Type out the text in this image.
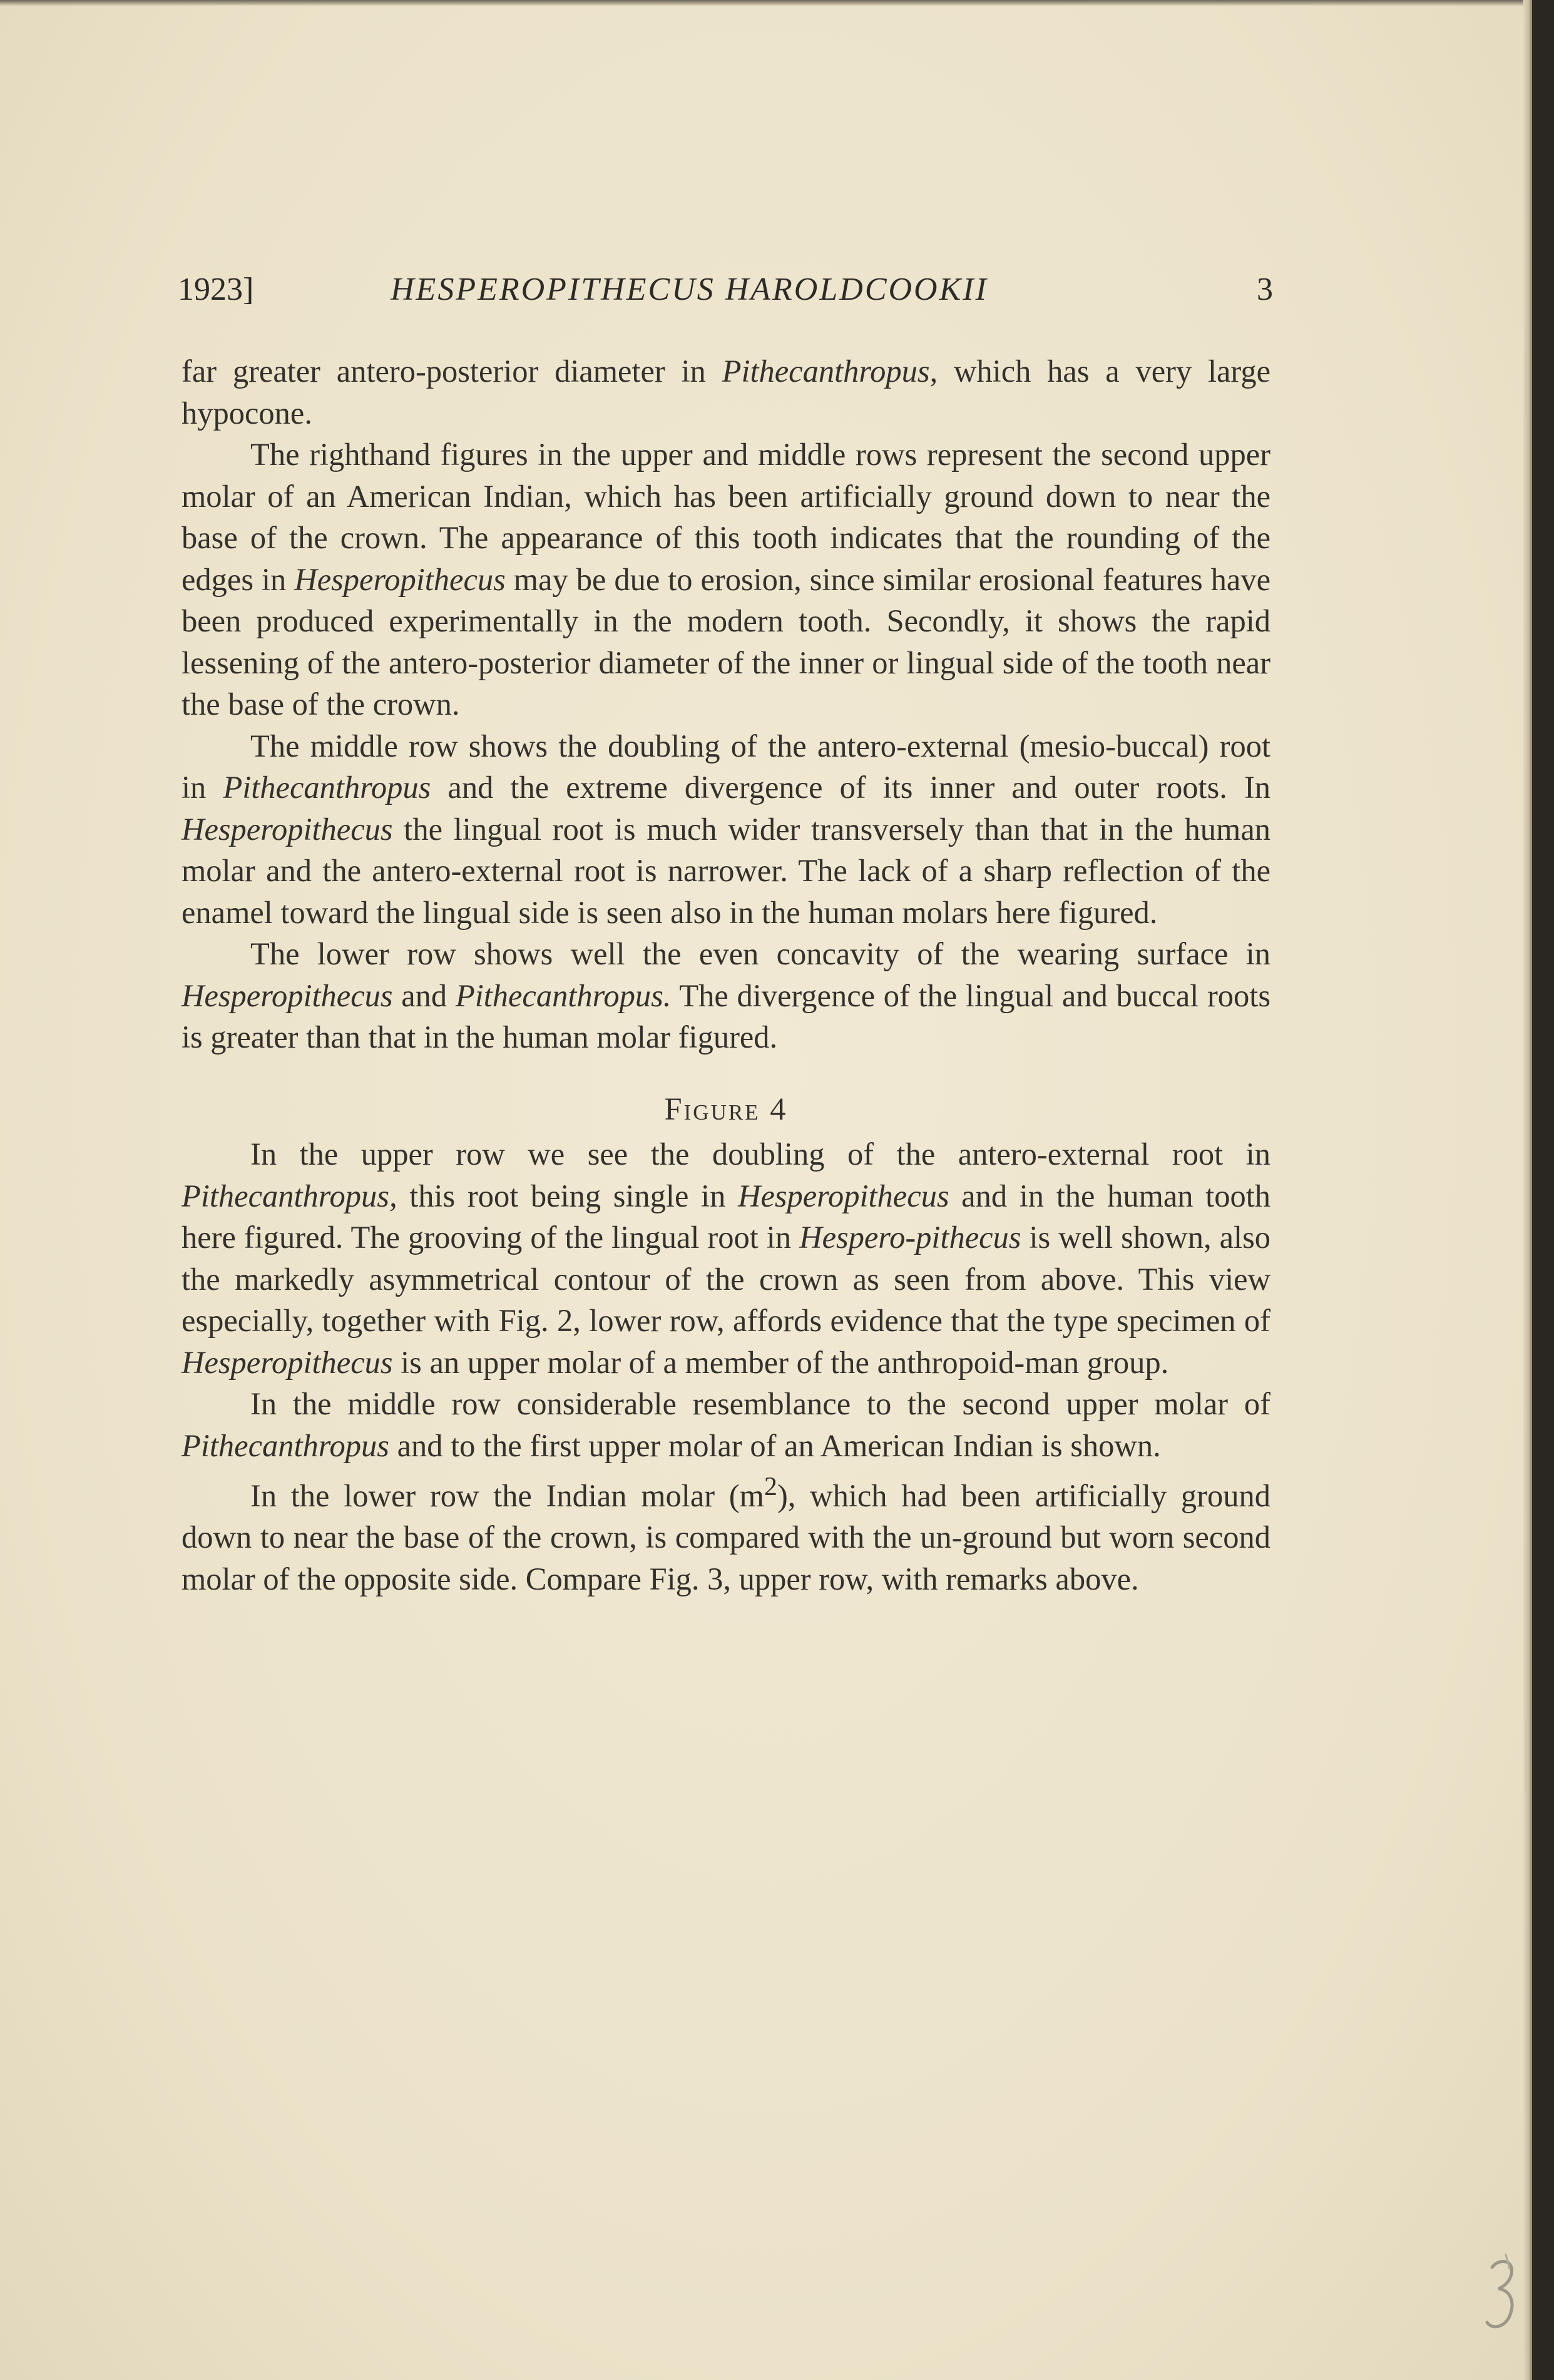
1923]	HESPEROPITHECUS HAROLDCOOKII	3

far greater antero-posterior diameter in Pithecanthropus, which has a very large hypocone.

The righthand figures in the upper and middle rows represent the second upper molar of an American Indian, which has been artificially ground down to near the base of the crown. The appearance of this tooth indicates that the rounding of the edges in Hesperopithecus may be due to erosion, since similar erosional features have been produced experimentally in the modern tooth. Secondly, it shows the rapid lessening of the antero-posterior diameter of the inner or lingual side of the tooth near the base of the crown.

The middle row shows the doubling of the antero-external (mesio-buccal) root in Pithecanthropus and the extreme divergence of its inner and outer roots. In Hesperopithecus the lingual root is much wider transversely than that in the human molar and the antero-external root is narrower. The lack of a sharp reflection of the enamel toward the lingual side is seen also in the human molars here figured.

The lower row shows well the even concavity of the wearing surface in Hesperopithecus and Pithecanthropus. The divergence of the lingual and buccal roots is greater than that in the human molar figured.

Figure 4

In the upper row we see the doubling of the antero-external root in Pithecanthropus, this root being single in Hesperopithecus and in the human tooth here figured. The grooving of the lingual root in Hespero-pithecus is well shown, also the markedly asymmetrical contour of the crown as seen from above. This view especially, together with Fig. 2, lower row, affords evidence that the type specimen of Hesperopithecus is an upper molar of a member of the anthropoid-man group.

In the middle row considerable resemblance to the second upper molar of Pithecanthropus and to the first upper molar of an American Indian is shown.

In the lower row the Indian molar $(m^2)$, which had been artificially ground down to near the base of the crown, is compared with the un-ground but worn second molar of the opposite side. Compare Fig. 3, upper row, with remarks above.
